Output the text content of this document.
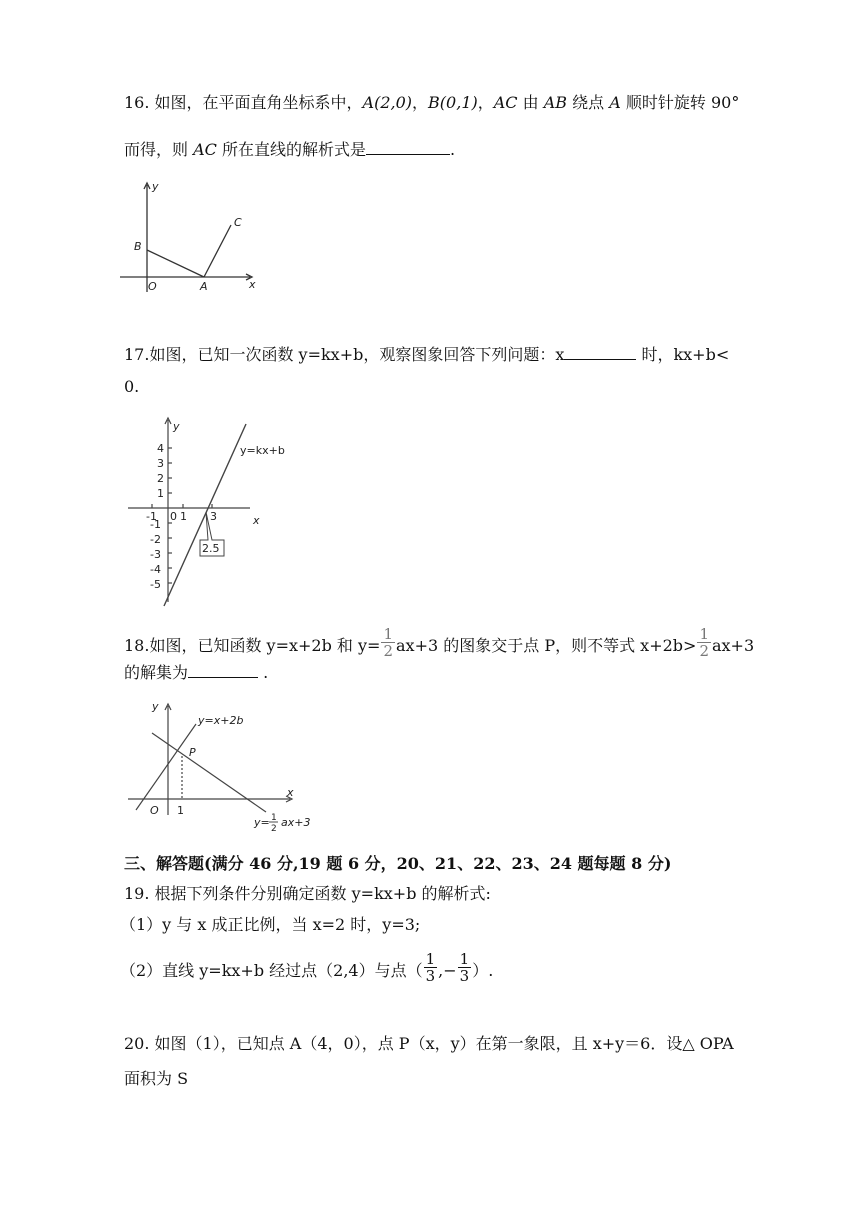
16. 如图，在平面直角坐标系中，A(2,0)，B(0,1)，AC 由 AB 绕点 A 顺时针旋转 90°
而得，则 AC 所在直线的解析式是	.
y
x
O	A
B
C
17.如图，已知一次函数 y=kx+b，观察图象回答下列问题：x	时，kx+b<
0.
y
x
y=kx+b
0
4
3
2
1
-1
-2
-3
-4
-5
-1 1 3
2.5
18.如图，已知函数 y=x+2b 和 $y= \frac{1}{2} ax+3$ 的图象交于点 P，则不等式 $x+2b> \frac{1}{2} ax+3$
的解集为	.
y
x
O 1
P
y=x+2b
y= 1
2 ax+3
三、解答题(满分 46 分,19 题 6 分，20、21、22、23、24 题每题 8 分)
19. 根据下列条件分别确定函数 y=kx+b 的解析式:
（1）y 与 x 成正比例，当 x=2 时，y=3;
（2）直线 y=kx+b 经过点（2,4）与点（ $\frac{1}{3}$ ,− $\frac{1}{3}$ ）.
20. 如图（1），已知点 A（4，0），点 P（x，y）在第一象限，且 x+y＝6．设△ OPA
面积为 S
